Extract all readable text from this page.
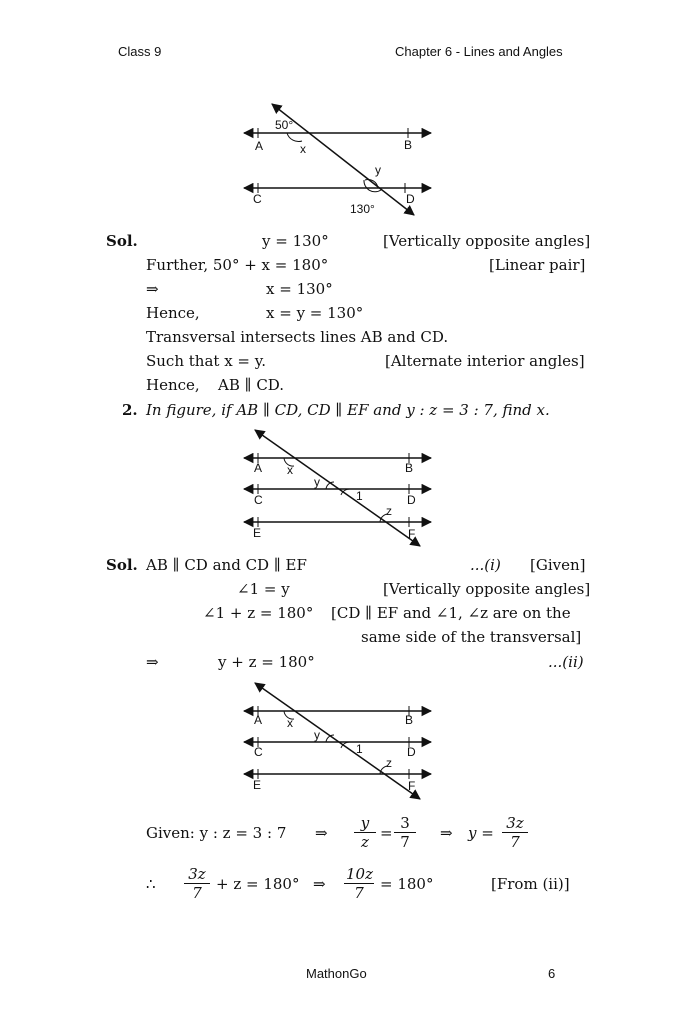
Class 9	Chapter 6 - Lines and Angles
50°
A	x	B
y
C	D
130°
Sol.	y = 130°	[Vertically opposite angles]
Further, 50° + x = 180°	[Linear pair]
⇒	x = 130°
Hence,	x = y = 130°
Transversal intersects lines AB and CD.
Such that x = y.	[Alternate interior angles]
Hence, AB ∥ CD.
2. In figure, if AB ∥ CD, CD ∥ EF and y : z = 3 : 7, find x.
A x	B
y
C	1	D
z
E	F
Sol. AB ∥ CD and CD ∥ EF	...(i) [Given]
∠1 = y	[Vertically opposite angles]
∠1 + z = 180° [CD ∥ EF and ∠1, ∠z are on the
same side of the transversal]
⇒	y + z = 180°	...(ii)
A x	B
y
C	1	D
z
E	F
Given: y : z = 3 : 7 ⇒ $\frac{y}{z} = \frac{3}{7}$ ⇒ $y = \frac{3z}{7}$
∴ $\frac{3z}{7} + z = 180^\circ$ ⇒ $\frac{10z}{7} = 180^\circ$	[From (ii)]
MathonGo	6
